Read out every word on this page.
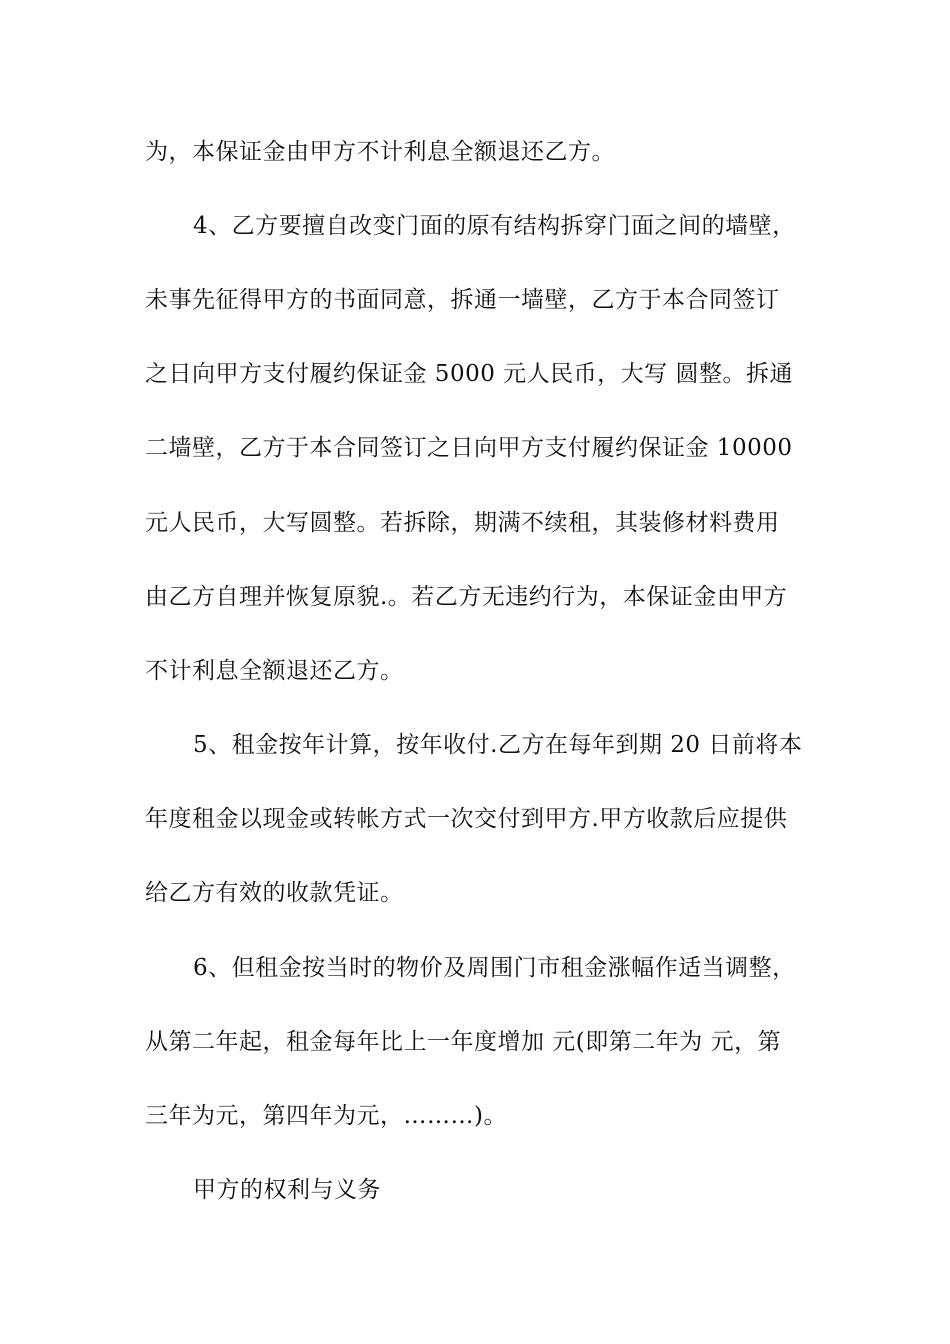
为，本保证金由甲方不计利息全额退还乙方。
4、乙方要擅自改变门面的原有结构拆穿门面之间的墙壁，
未事先征得甲方的书面同意，拆通一墙壁，乙方于本合同签订
之日向甲方支付履约保证金 5000 元人民币，大写 圆整。拆通
二墙壁，乙方于本合同签订之日向甲方支付履约保证金 10000
元人民币，大写圆整。若拆除，期满不续租，其装修材料费用
由乙方自理并恢复原貌.。若乙方无违约行为，本保证金由甲方
不计利息全额退还乙方。
5、租金按年计算，按年收付.乙方在每年到期 20 日前将本
年度租金以现金或转帐方式一次交付到甲方.甲方收款后应提供
给乙方有效的收款凭证。
6、但租金按当时的物价及周围门市租金涨幅作适当调整，
从第二年起，租金每年比上一年度增加 元(即第二年为 元，第
三年为元，第四年为元，………)。
甲方的权利与义务
